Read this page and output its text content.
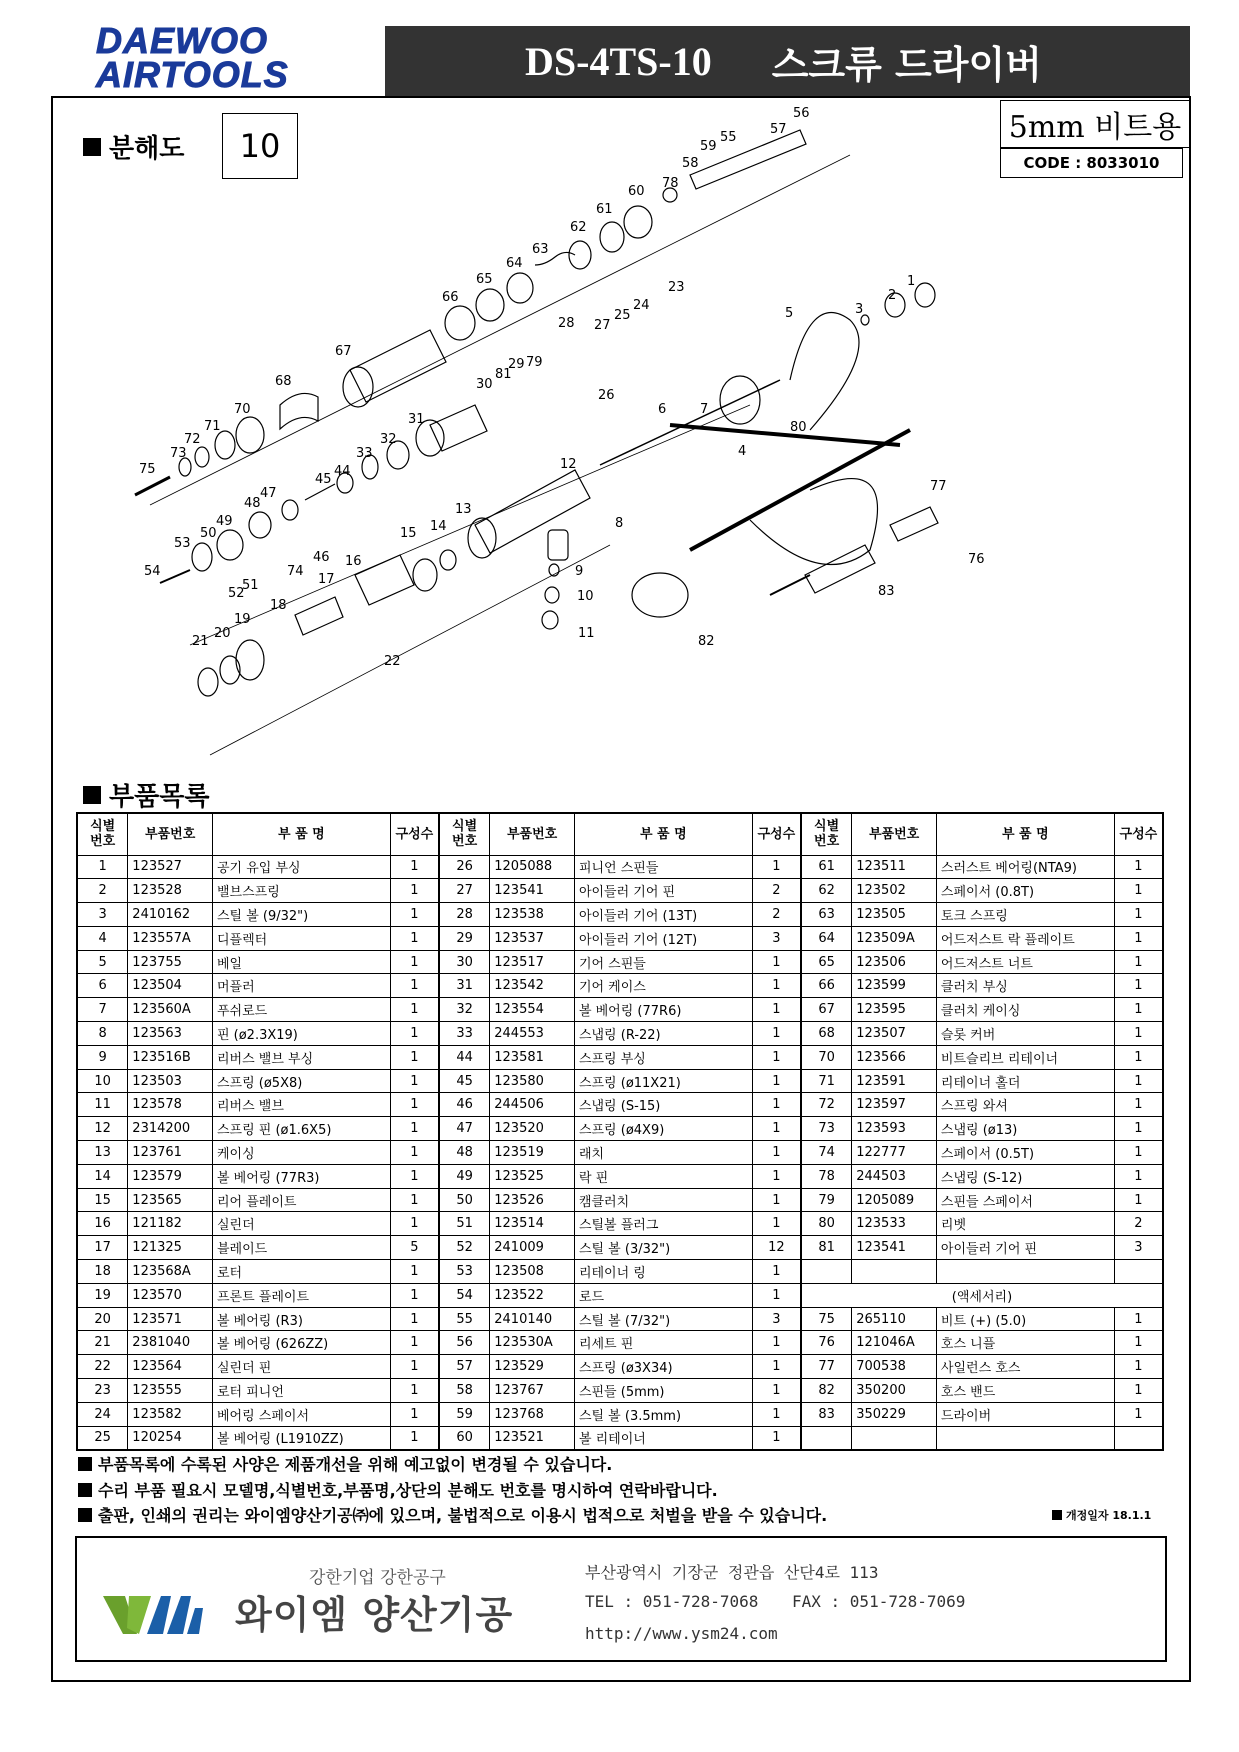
DAEWOO
AIRTOOLS	DS-4TS-10 스크류 드라이버
5mm 비트용
CODE : 8033010
분해도	10
56
57
55
59
58
78
60
61
62
63
64
65
66
67
68
70
71
72
73
75
23
24
25
27
28
29 79
81
30
26
31
32
33
44
45
47
48
49
50
53
46
74
51
52
54
1
2
3
5
7
6
4
80
12
13
14
15
16
17
18
19
20
21
22
8
9
10
11
82
77
76
83
부품목록
식별
번호	부품번호	부 품 명	구성수	식별
번호	부품번호	부 품 명	구성수	식별
번호	부품번호	부 품 명	구성수
1	123527	공기 유입 부싱	1	26	1205088	피니언 스핀들	1	61	123511	스러스트 베어링(NTA9)	1
2	123528	밸브스프링	1	27	123541	아이들러 기어 핀	2	62	123502	스페이서 (0.8T)	1
3	2410162	스틸 볼 (9/32")	1	28	123538	아이들러 기어 (13T)	2	63	123505	토크 스프링	1
4	123557A	디플렉터	1	29	123537	아이들러 기어 (12T)	3	64	123509A	어드저스트 락 플레이트	1
5	123755	베일	1	30	123517	기어 스핀들	1	65	123506	어드저스트 너트	1
6	123504	머플러	1	31	123542	기어 케이스	1	66	123599	클러치 부싱	1
7	123560A	푸쉬로드	1	32	123554	볼 베어링 (77R6)	1	67	123595	클러치 케이싱	1
8	123563	핀 (ø2.3X19)	1	33	244553	스냅링 (R-22)	1	68	123507	슬롯 커버	1
9	123516B	리버스 밸브 부싱	1	44	123581	스프링 부싱	1	70	123566	비트슬리브 리테이너	1
10	123503	스프링 (ø5X8)	1	45	123580	스프링 (ø11X21)	1	71	123591	리테이너 홀더	1
11	123578	리버스 밸브	1	46	244506	스냅링 (S-15)	1	72	123597	스프링 와셔	1
12	2314200	스프링 핀 (ø1.6X5)	1	47	123520	스프링 (ø4X9)	1	73	123593	스냅링 (ø13)	1
13	123761	케이싱	1	48	123519	래치	1	74	122777	스페이서 (0.5T)	1
14	123579	볼 베어링 (77R3)	1	49	123525	락 핀	1	78	244503	스냅링 (S-12)	1
15	123565	리어 플레이트	1	50	123526	캠클러치	1	79	1205089	스핀들 스페이서	1
16	121182	실린더	1	51	123514	스틸볼 플러그	1	80	123533	리벳	2
17	121325	블레이드	5	52	241009	스틸 볼 (3/32")	12	81	123541	아이들러 기어 핀	3
18	123568A	로터	1	53	123508	리테이너 링	1				
19	123570	프론트 플레이트	1	54	123522	로드	1	(액세서리)			
20	123571	볼 베어링 (R3)	1	55	2410140	스틸 볼 (7/32")	3	75	265110	비트 (+) (5.0)	1
21	2381040	볼 베어링 (626ZZ)	1	56	123530A	리세트 핀	1	76	121046A	호스 니플	1
22	123564	실린더 핀	1	57	123529	스프링 (ø3X34)	1	77	700538	사일런스 호스	1
23	123555	로터 피니언	1	58	123767	스핀들 (5mm)	1	82	350200	호스 밴드	1
24	123582	베어링 스페이서	1	59	123768	스틸 볼 (3.5mm)	1	83	350229	드라이버	1
25	120254	볼 베어링 (L1910ZZ)	1	60	123521	볼 리테이너	1				
부품목록에 수록된 사양은 제품개선을 위해 예고없이 변경될 수 있습니다.
수리 부품 필요시 모델명,식별번호,부품명,상단의 분해도 번호를 명시하여 연락바랍니다.
출판, 인쇄의 권리는 와이엠양산기공㈜에 있으며, 불법적으로 이용시 법적으로 처벌을 받을 수 있습니다.	개정일자 18.1.1
강한기업 강한공구
와이엠 양산기공
부산광역시 기장군 정관읍 산단4로 113
TEL : 051-728-7068 FAX : 051-728-7069
http://www.ysm24.com
